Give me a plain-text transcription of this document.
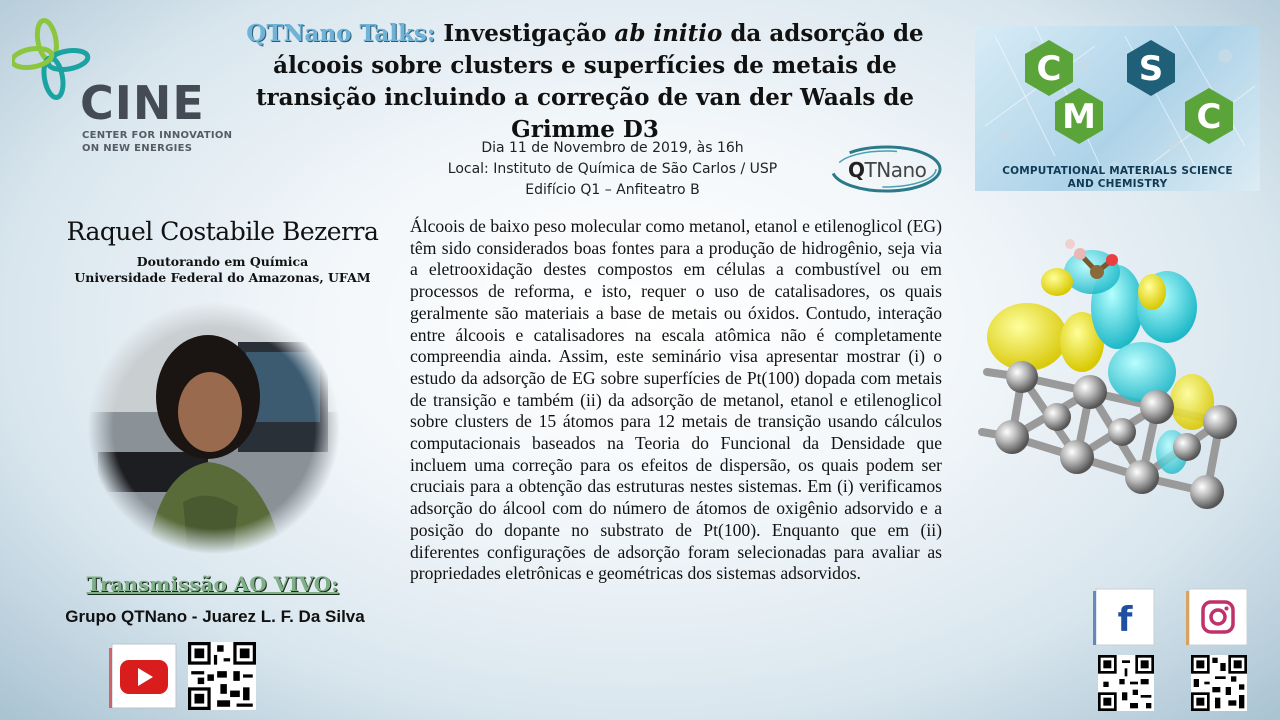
CINE
CENTER FOR INNOVATION
ON NEW ENERGIES
QTNano Talks: Investigação ab initio da adsorção de álcoois sobre clusters e superfícies de metais de transição incluindo a correção de van der Waals de Grimme D3
Dia 11 de Novembro de 2019, às 16h
Local: Instituto de Química de São Carlos / USP
Edifício Q1 – Anfiteatro B
QTNano
C
M
S
C
COMPUTATIONAL MATERIALS SCIENCE
AND CHEMISTRY
Raquel Costabile Bezerra
Doutorando em Química
Universidade Federal do Amazonas, UFAM
Transmissão AO VIVO:
Grupo QTNano - Juarez L. F. Da Silva	f
Álcoois de baixo peso molecular como metanol, etanol e etilenoglicol (EG) têm sido considerados boas fontes para a produção de hidrogênio, seja via a eletrooxidação destes compostos em células a combustível ou em processos de reforma, e isto, requer o uso de catalisadores, os quais geralmente são materiais a base de metais ou óxidos. Contudo, interação entre álcoois e catalisadores na escala atômica não é completamente compreendia ainda. Assim, este seminário visa apresentar mostrar (i) o estudo da adsorção de EG sobre superfícies de Pt(100) dopada com metais de transição e também (ii) da adsorção de metanol, etanol e etilenoglicol sobre clusters de 15 átomos para 12 metais de transição usando cálculos computacionais baseados na Teoria do Funcional da Densidade que incluem uma correção para os efeitos de dispersão, os quais podem ser cruciais para a obtenção das estruturas nestes sistemas. Em (i) verificamos adsorção do álcool com do número de átomos de oxigênio adsorvido e a posição do dopante no substrato de Pt(100). Enquanto que em (ii) diferentes configurações de adsorção foram selecionadas para avaliar as propriedades eletrônicas e geométricas dos sistemas adsorvidos.
